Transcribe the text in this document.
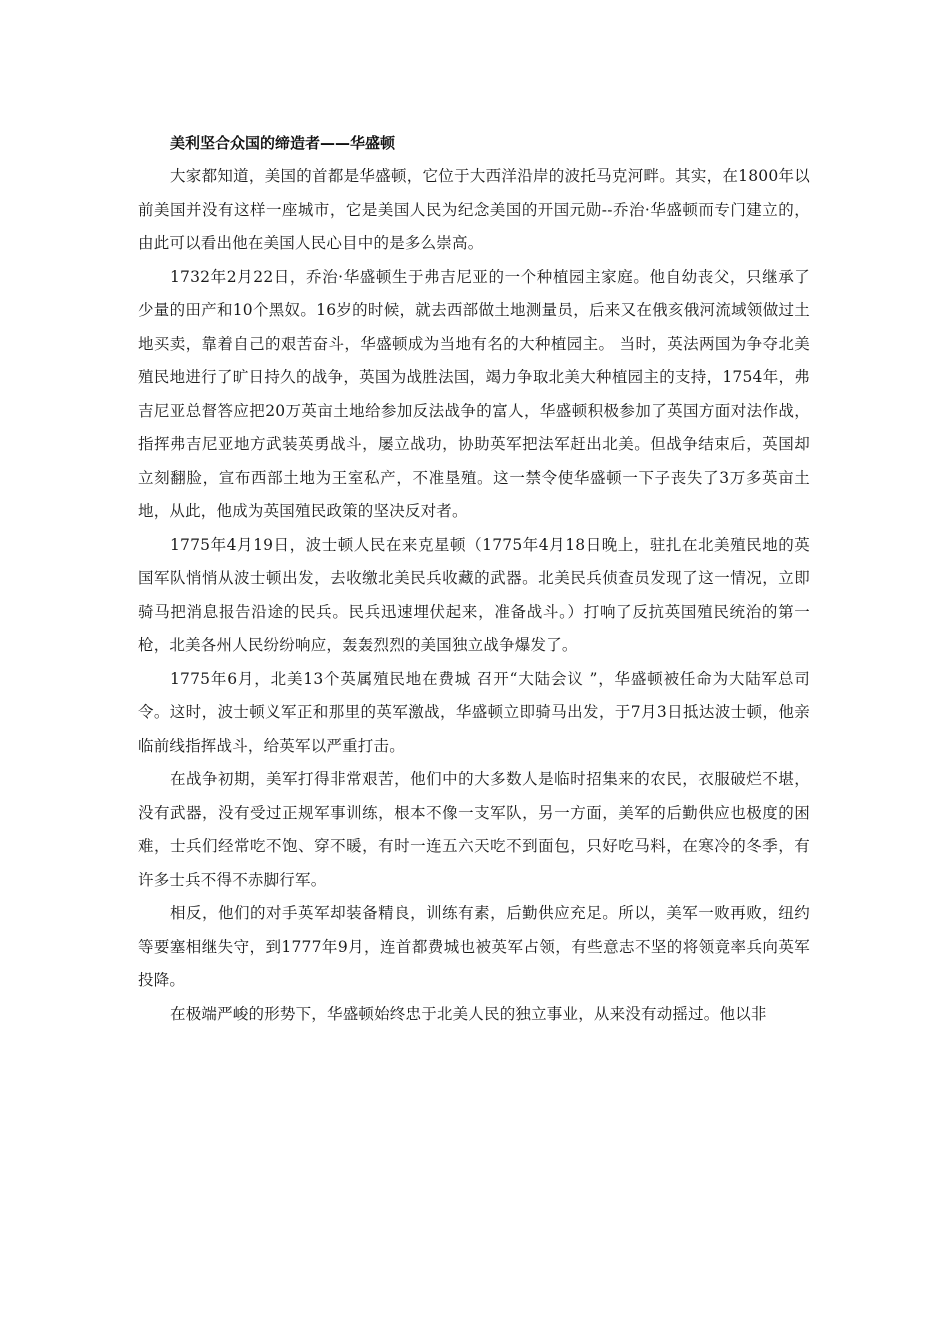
美利坚合众国的缔造者——华盛顿

大家都知道，美国的首都是华盛顿，它位于大西洋沿岸的波托马克河畔。其实，在1800年以前美国并没有这样一座城市，它是美国人民为纪念美国的开国元勋--乔治·华盛顿而专门建立的，由此可以看出他在美国人民心目中的是多么崇高。

1732年2月22日，乔治·华盛顿生于弗吉尼亚的一个种植园主家庭。他自幼丧父，只继承了少量的田产和10个黑奴。16岁的时候，就去西部做土地测量员，后来又在俄亥俄河流域领做过土地买卖，靠着自己的艰苦奋斗，华盛顿成为当地有名的大种植园主。 当时，英法两国为争夺北美殖民地进行了旷日持久的战争，英国为战胜法国，竭力争取北美大种植园主的支持，1754年，弗吉尼亚总督答应把20万英亩土地给参加反法战争的富人，华盛顿积极参加了英国方面对法作战，指挥弗吉尼亚地方武装英勇战斗，屡立战功，协助英军把法军赶出北美。但战争结束后，英国却立刻翻脸，宣布西部土地为王室私产，不准垦殖。这一禁令使华盛顿一下子丧失了3万多英亩土地，从此，他成为英国殖民政策的坚决反对者。

1775年4月19日，波士顿人民在来克星顿（1775年4月18日晚上，驻扎在北美殖民地的英国军队悄悄从波士顿出发，去收缴北美民兵收藏的武器。北美民兵侦查员发现了这一情况，立即骑马把消息报告沿途的民兵。民兵迅速埋伏起来，准备战斗。）打响了反抗英国殖民统治的第一枪，北美各州人民纷纷响应，轰轰烈烈的美国独立战争爆发了。

1775年6月，北美13个英属殖民地在费城 召开“大陆会议 ”，华盛顿被任命为大陆军总司令。这时，波士顿义军正和那里的英军激战，华盛顿立即骑马出发，于7月3日抵达波士顿，他亲临前线指挥战斗，给英军以严重打击。

在战争初期，美军打得非常艰苦，他们中的大多数人是临时招集来的农民，衣服破烂不堪，没有武器，没有受过正规军事训练，根本不像一支军队，另一方面，美军的后勤供应也极度的困难，士兵们经常吃不饱、穿不暖，有时一连五六天吃不到面包，只好吃马料，在寒冷的冬季，有许多士兵不得不赤脚行军。

相反，他们的对手英军却装备精良，训练有素，后勤供应充足。所以，美军一败再败，纽约等要塞相继失守，到1777年9月，连首都费城也被英军占领，有些意志不坚的将领竟率兵向英军投降。

在极端严峻的形势下，华盛顿始终忠于北美人民的独立事业，从来没有动摇过。他以非
